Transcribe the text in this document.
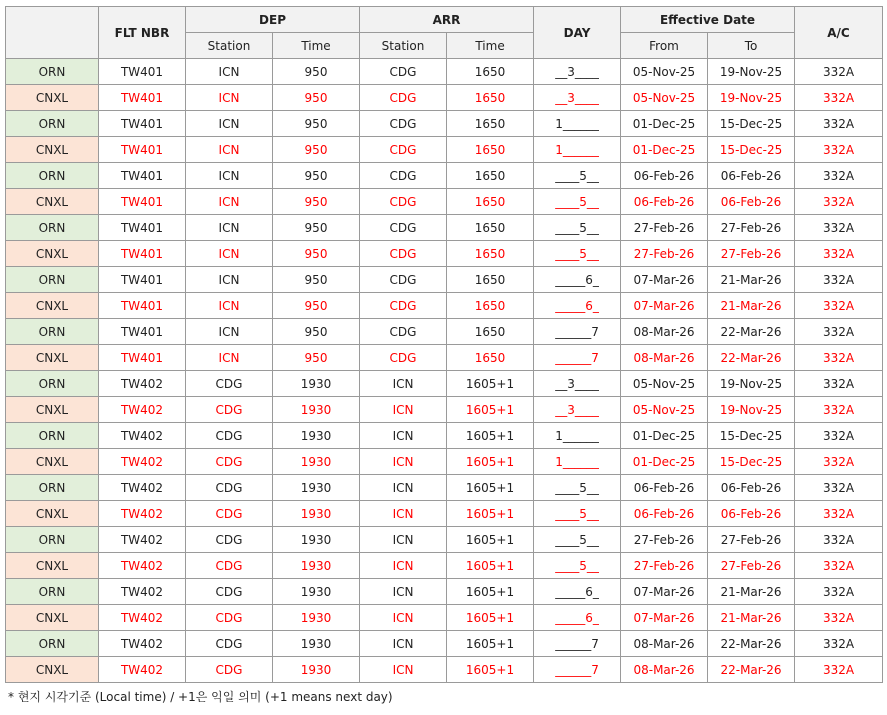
	FLT NBR	DEP		ARR		DAY	Effective Date		A/C
		Station	Time	Station	Time		From	To	
ORN	TW401	ICN	950	CDG	1650	__3____	05-Nov-25	19-Nov-25	332A
CNXL	TW401	ICN	950	CDG	1650	__3____	05-Nov-25	19-Nov-25	332A
ORN	TW401	ICN	950	CDG	1650	1______	01-Dec-25	15-Dec-25	332A
CNXL	TW401	ICN	950	CDG	1650	1______	01-Dec-25	15-Dec-25	332A
ORN	TW401	ICN	950	CDG	1650	____5__	06-Feb-26	06-Feb-26	332A
CNXL	TW401	ICN	950	CDG	1650	____5__	06-Feb-26	06-Feb-26	332A
ORN	TW401	ICN	950	CDG	1650	____5__	27-Feb-26	27-Feb-26	332A
CNXL	TW401	ICN	950	CDG	1650	____5__	27-Feb-26	27-Feb-26	332A
ORN	TW401	ICN	950	CDG	1650	_____6_	07-Mar-26	21-Mar-26	332A
CNXL	TW401	ICN	950	CDG	1650	_____6_	07-Mar-26	21-Mar-26	332A
ORN	TW401	ICN	950	CDG	1650	______7	08-Mar-26	22-Mar-26	332A
CNXL	TW401	ICN	950	CDG	1650	______7	08-Mar-26	22-Mar-26	332A
ORN	TW402	CDG	1930	ICN	1605+1	__3____	05-Nov-25	19-Nov-25	332A
CNXL	TW402	CDG	1930	ICN	1605+1	__3____	05-Nov-25	19-Nov-25	332A
ORN	TW402	CDG	1930	ICN	1605+1	1______	01-Dec-25	15-Dec-25	332A
CNXL	TW402	CDG	1930	ICN	1605+1	1______	01-Dec-25	15-Dec-25	332A
ORN	TW402	CDG	1930	ICN	1605+1	____5__	06-Feb-26	06-Feb-26	332A
CNXL	TW402	CDG	1930	ICN	1605+1	____5__	06-Feb-26	06-Feb-26	332A
ORN	TW402	CDG	1930	ICN	1605+1	____5__	27-Feb-26	27-Feb-26	332A
CNXL	TW402	CDG	1930	ICN	1605+1	____5__	27-Feb-26	27-Feb-26	332A
ORN	TW402	CDG	1930	ICN	1605+1	_____6_	07-Mar-26	21-Mar-26	332A
CNXL	TW402	CDG	1930	ICN	1605+1	_____6_	07-Mar-26	21-Mar-26	332A
ORN	TW402	CDG	1930	ICN	1605+1	______7	08-Mar-26	22-Mar-26	332A
CNXL	TW402	CDG	1930	ICN	1605+1	______7	08-Mar-26	22-Mar-26	332A
* 현지 시각기준 (Local time) / +1은 익일 의미 (+1 means next day)
